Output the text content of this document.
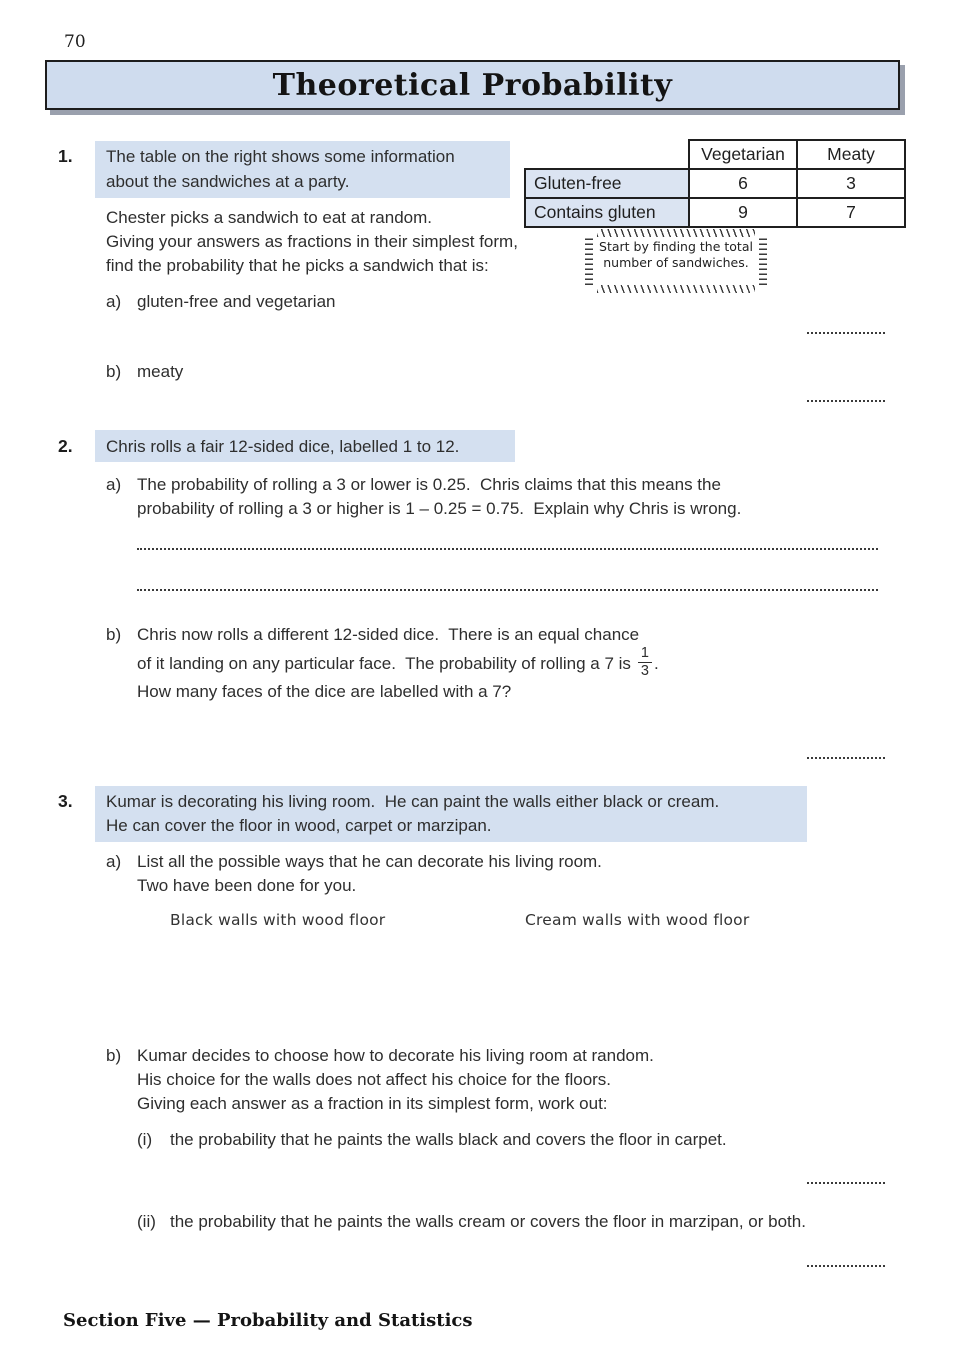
70
Theoretical Probability
1. The table on the right shows some information
about the sandwiches at a party.
Chester picks a sandwich to eat at random.
Giving your answers as fractions in their simplest form,
find the probability that he picks a sandwich that is:
	Vegetarian	Meaty
Gluten-free	6	3
Contains gluten	9	7
Start by finding the total
number of sandwiches.
a) gluten-free and vegetarian
b) meaty
2. Chris rolls a fair 12-sided dice, labelled 1 to 12.
a) The probability of rolling a 3 or lower is 0.25.  Chris claims that this means the
probability of rolling a 3 or higher is 1 – 0.25 = 0.75.  Explain why Chris is wrong.
b) Chris now rolls a different 12-sided dice.  There is an equal chance
of it landing on any particular face.  The probability of rolling a 7 is $\frac{1}{3}$ .
How many faces of the dice are labelled with a 7?
3. Kumar is decorating his living room.  He can paint the walls either black or cream.
He can cover the floor in wood, carpet or marzipan.
a) List all the possible ways that he can decorate his living room.
Two have been done for you.
Black walls with wood floor	Cream walls with wood floor
b) Kumar decides to choose how to decorate his living room at random.
His choice for the walls does not affect his choice for the floors.
Giving each answer as a fraction in its simplest form, work out:
(i) the probability that he paints the walls black and covers the floor in carpet.
(ii) the probability that he paints the walls cream or covers the floor in marzipan, or both.
Section Five — Probability and Statistics
